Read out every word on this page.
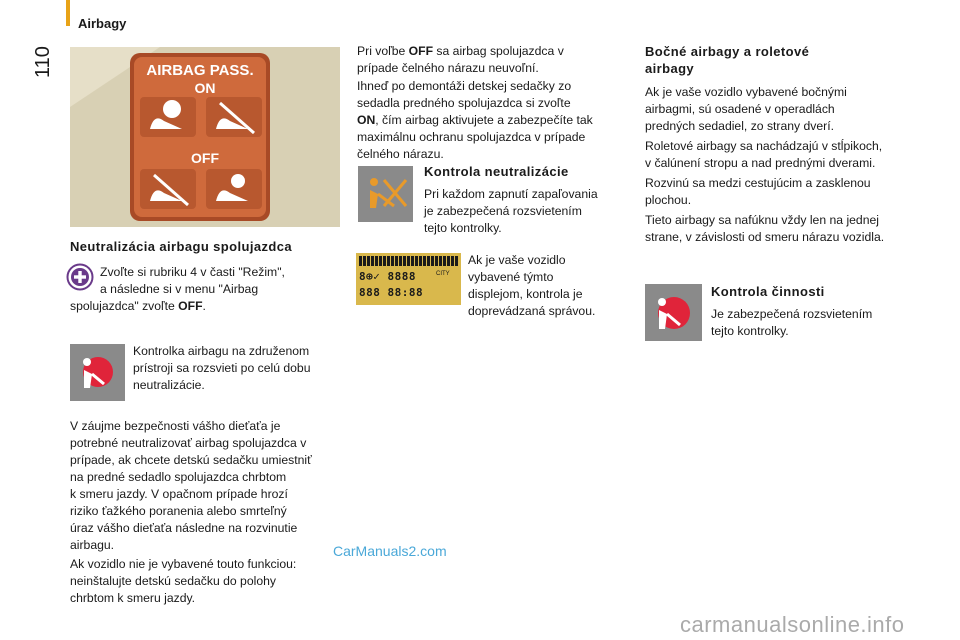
Airbagy
110	AIRBAG PASS.
ON
OFF
Neutralizácia airbagu spolujazdca

Zvoľte si rubriku 4 v časti "Režim",

a následne si v menu "Airbag

spolujazdca" zvoľte OFF.

Kontrolka airbagu na združenom

prístroji sa rozsvieti po celú dobu

neutralizácie.

V záujme bezpečnosti vášho dieťaťa je

potrebné neutralizovať airbag spolujazdca v

prípade, ak chcete detskú sedačku umiestniť

na predné sedadlo spolujazdca chrbtom

k smeru jazdy. V opačnom prípade hrozí

riziko ťažkého poranenia alebo smrteľný

úraz vášho dieťaťa následne na rozvinutie

airbagu.

Ak vozidlo nie je vybavené touto funkciou:

neinštalujte detskú sedačku do polohy

chrbtom k smeru jazdy.

Pri voľbe OFF sa airbag spolujazdca v

prípade čelného nárazu neuvoľní.

Ihneď po demontáži detskej sedačky zo

sedadla predného spolujazdca si zvoľte

ON, čím airbag aktivujete a zabezpečíte tak

maximálnu ochranu spolujazdca v prípade

čelného nárazu.

Kontrola neutralizácie

Pri každom zapnutí zapaľovania

je zabezpečená rozsvietením

tejto kontrolky.

8⊕✓ 8888	CITY
888 88:88

Ak je vaše vozidlo

vybavené týmto

displejom, kontrola je

doprevádzaná správou.

Bočné airbagy a roletové

airbagy

Ak je vaše vozidlo vybavené bočnými

airbagmi, sú osadené v operadlách

predných sedadiel, zo strany dverí.

Roletové airbagy sa nachádzajú v stĺpikoch,

v čalúnení stropu a nad prednými dverami.

Rozvinú sa medzi cestujúcim a zasklenou

plochou.

Tieto airbagy sa nafúknu vždy len na jednej

strane, v závislosti od smeru nárazu vozidla.

Kontrola činnosti

Je zabezpečená rozsvietením

tejto kontrolky.

CarManuals2.com
carmanualsonline.info
